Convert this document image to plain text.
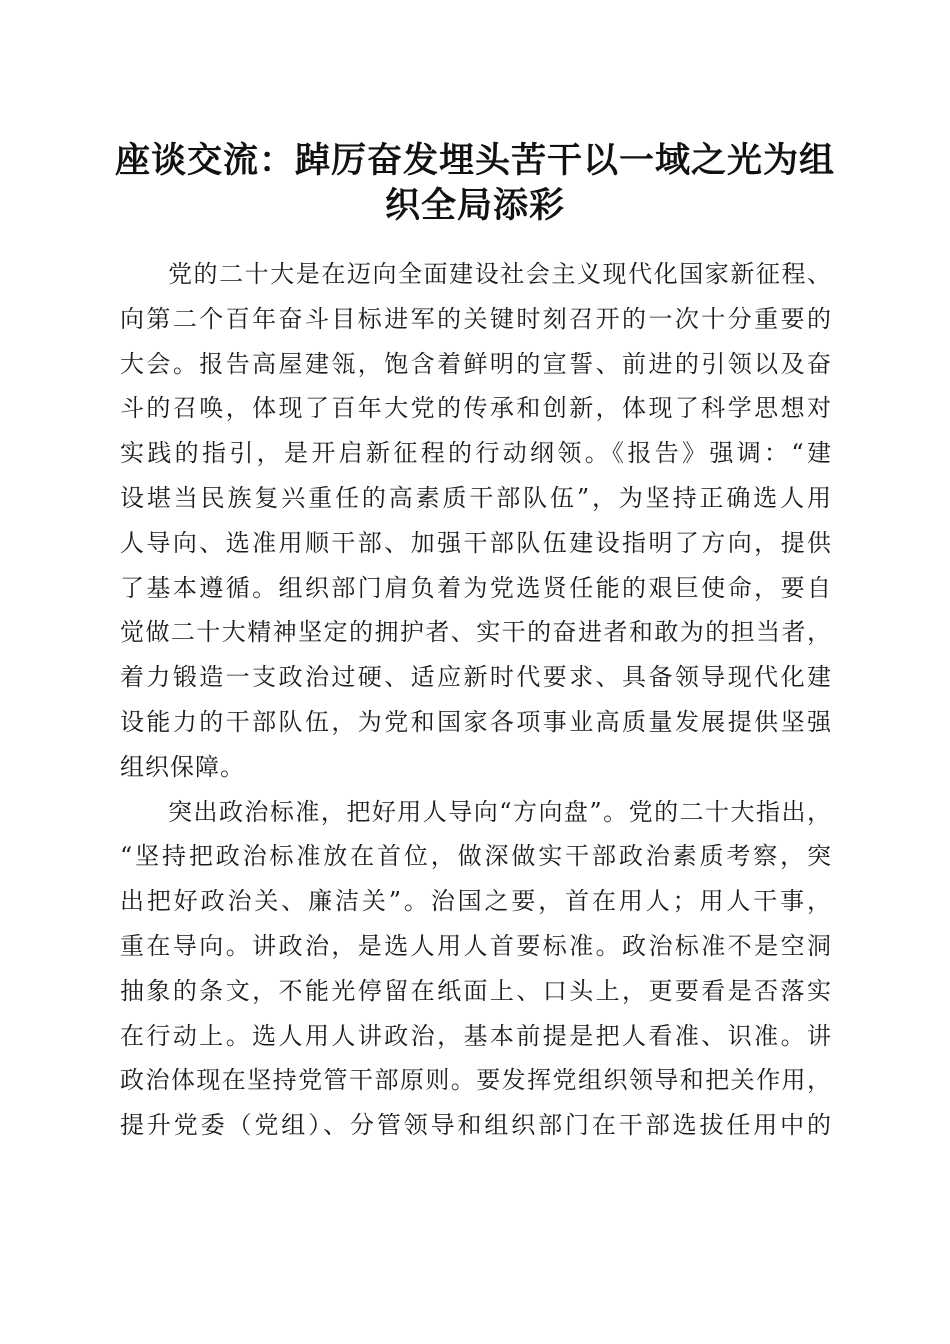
座谈交流：踔厉奋发埋头苦干以一域之光为组
织全局添彩
党的二十大是在迈向全面建设社会主义现代化国家新征程、
向第二个百年奋斗目标进军的关键时刻召开的一次十分重要的
大会。报告高屋建瓴，饱含着鲜明的宣誓、前进的引领以及奋
斗的召唤，体现了百年大党的传承和创新，体现了科学思想对
实践的指引，是开启新征程的行动纲领。《报告》强调：“建
设堪当民族复兴重任的高素质干部队伍”，为坚持正确选人用
人导向、选准用顺干部、加强干部队伍建设指明了方向，提供
了基本遵循。组织部门肩负着为党选贤任能的艰巨使命，要自
觉做二十大精神坚定的拥护者、实干的奋进者和敢为的担当者，
着力锻造一支政治过硬、适应新时代要求、具备领导现代化建
设能力的干部队伍，为党和国家各项事业高质量发展提供坚强
组织保障。
突出政治标准，把好用人导向“方向盘”。党的二十大指出，
“坚持把政治标准放在首位，做深做实干部政治素质考察，突
出把好政治关、廉洁关”。治国之要，首在用人；用人干事，
重在导向。讲政治，是选人用人首要标准。政治标准不是空洞
抽象的条文，不能光停留在纸面上、口头上，更要看是否落实
在行动上。选人用人讲政治，基本前提是把人看准、识准。讲
政治体现在坚持党管干部原则。要发挥党组织领导和把关作用，
提升党委（党组）、分管领导和组织部门在干部选拔任用中的
